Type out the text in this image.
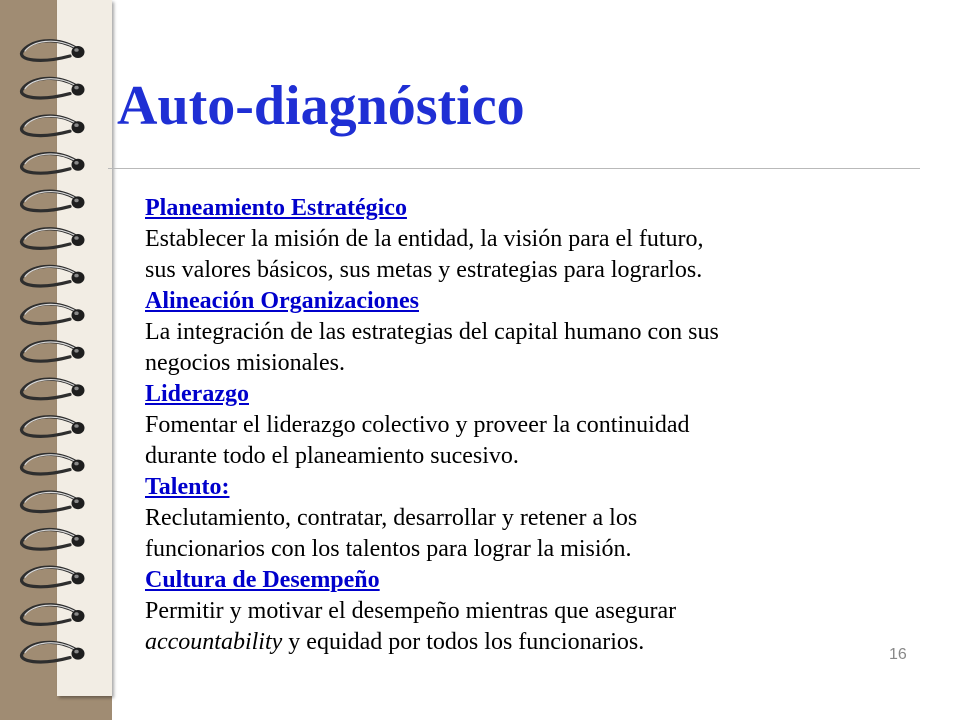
Auto-diagnóstico
Planeamiento Estratégico
Establecer la misión de la entidad, la visión para el futuro,
sus valores básicos, sus metas y estrategias para lograrlos.
Alineación Organizaciones
La integración de las estrategias del capital humano con sus
negocios misionales.
Liderazgo
Fomentar el liderazgo colectivo y proveer la continuidad
durante todo el planeamiento sucesivo.
Talento:
Reclutamiento, contratar, desarrollar y retener a los
funcionarios con los talentos para lograr la misión.
Cultura de Desempeño
Permitir y motivar el desempeño mientras que asegurar
accountability y equidad por todos los funcionarios.	16
